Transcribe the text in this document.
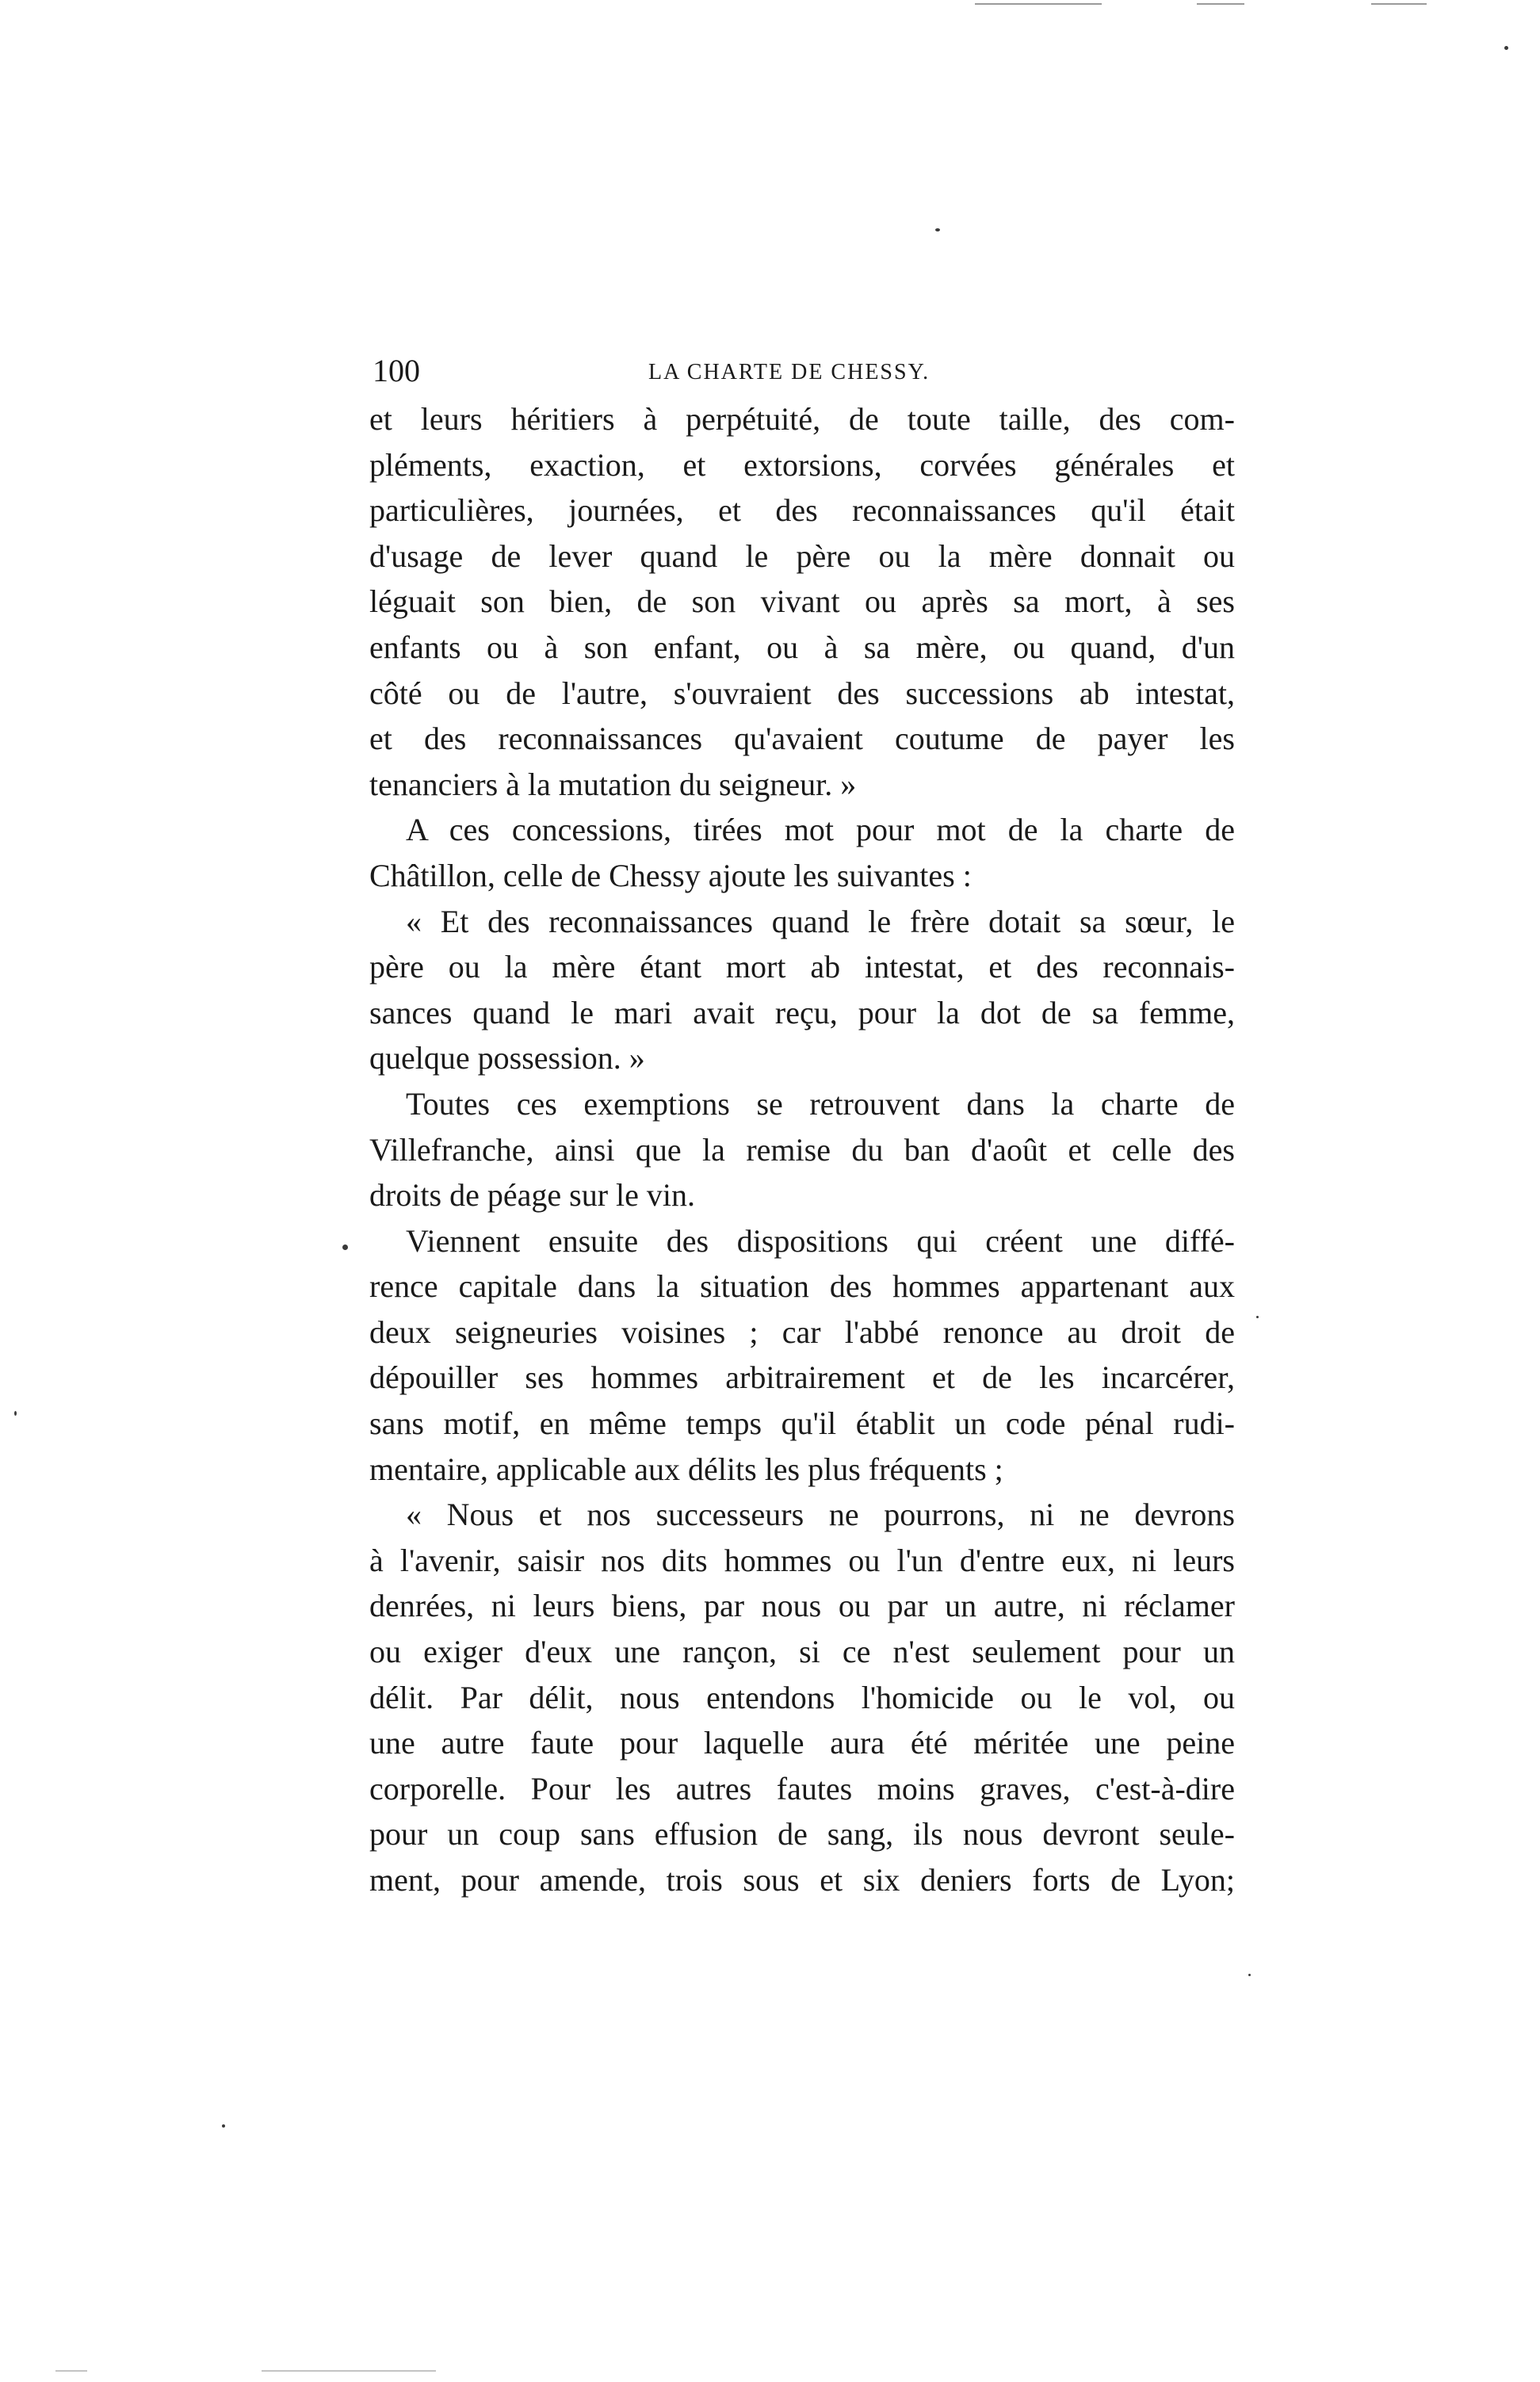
100	LA CHARTE DE CHESSY.
et leurs héritiers à perpétuité, de toute taille, des com-
pléments, exaction, et extorsions, corvées générales et
particulières, journées, et des reconnaissances qu'il était
d'usage de lever quand le père ou la mère donnait ou
léguait son bien, de son vivant ou après sa mort, à ses
enfants ou à son enfant, ou à sa mère, ou quand, d'un
côté ou de l'autre, s'ouvraient des successions ab intestat,
et des reconnaissances qu'avaient coutume de payer les
tenanciers à la mutation du seigneur. »
A ces concessions, tirées mot pour mot de la charte de
Châtillon, celle de Chessy ajoute les suivantes :
« Et des reconnaissances quand le frère dotait sa sœur, le
père ou la mère étant mort ab intestat, et des reconnais-
sances quand le mari avait reçu, pour la dot de sa femme,
quelque possession. »
Toutes ces exemptions se retrouvent dans la charte de
Villefranche, ainsi que la remise du ban d'août et celle des
droits de péage sur le vin.
Viennent ensuite des dispositions qui créent une diffé-
rence capitale dans la situation des hommes appartenant aux
deux seigneuries voisines ; car l'abbé renonce au droit de
dépouiller ses hommes arbitrairement et de les incarcérer,
sans motif, en même temps qu'il établit un code pénal rudi-
mentaire, applicable aux délits les plus fréquents ;
« Nous et nos successeurs ne pourrons, ni ne devrons
à l'avenir, saisir nos dits hommes ou l'un d'entre eux, ni leurs
denrées, ni leurs biens, par nous ou par un autre, ni réclamer
ou exiger d'eux une rançon, si ce n'est seulement pour un
délit. Par délit, nous entendons l'homicide ou le vol, ou
une autre faute pour laquelle aura été méritée une peine
corporelle. Pour les autres fautes moins graves, c'est-à-dire
pour un coup sans effusion de sang, ils nous devront seule-
ment, pour amende, trois sous et six deniers forts de Lyon;
